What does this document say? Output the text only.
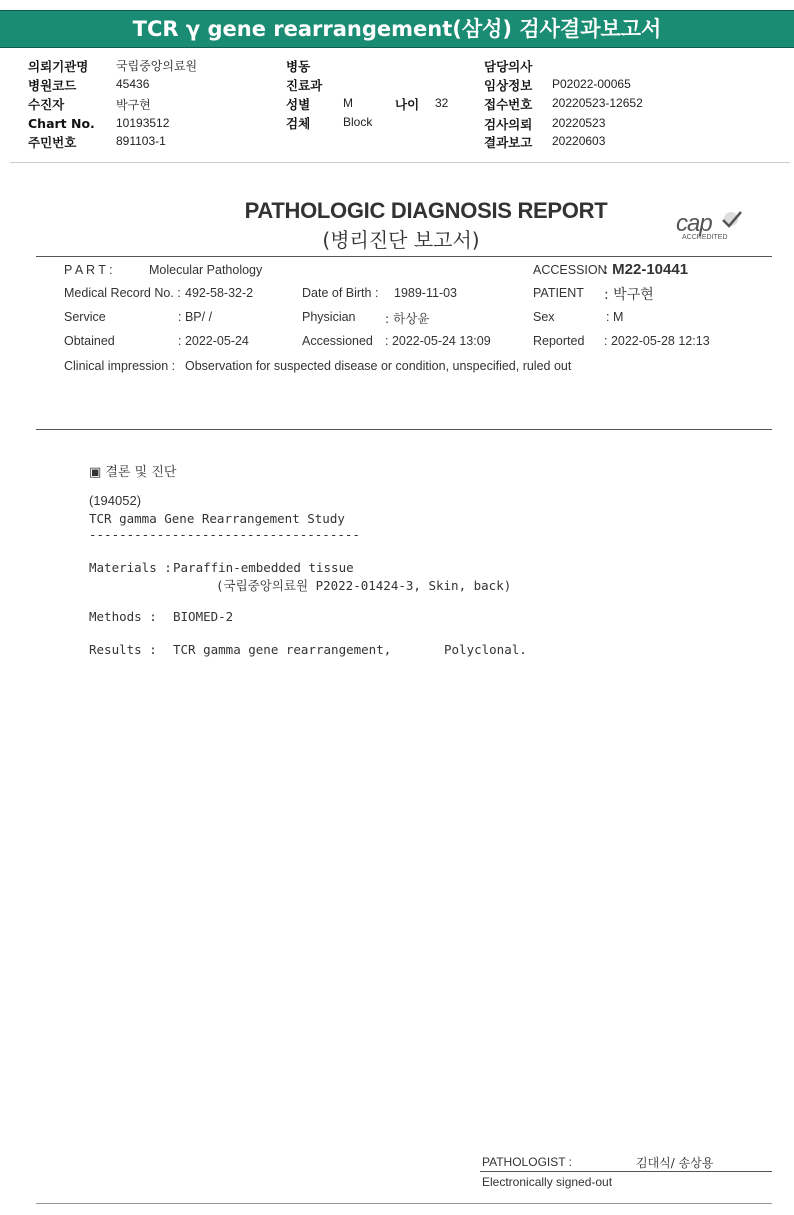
TCR γ gene rearrangement(삼성) 검사결과보고서
의뢰기관명 국립중앙의료원
병원코드	45436
수진자	박구현
Chart No. 10193512
주민번호	891103-1
병동
진료과
성별	M	나이 32
검체	Block
담당의사
임상정보 P02022-00065
접수번호 20220523-12652
검사의뢰 20220523
결과보고 20220603
PATHOLOGIC DIAGNOSIS REPORT
(병리진단 보고서)
cap
ACCREDITED
P A R T :	Molecular Pathology	ACCESSION
: M22-10441
Medical Record No. : 492-58-32-2	Date of Birth : 1989-11-03	PATIENT : 박구현
Service	: BP/ /	Physician : 하상윤	Sex	: M
Obtained	: 2022-05-24	Accessioned : 2022-05-24 13:09	Reported : 2022-05-28 12:13
Clinical impression : Observation for suspected disease or condition, unspecified, ruled out
▣ 결론 및 진단
(194052)
TCR gamma Gene Rearrangement Study
------------------------------------
Materials : Paraffin-embedded tissue
(국립중앙의료원 P2022-01424-3, Skin, back)
Methods : BIOMED-2
Results : TCR gamma gene rearrangement,	Polyclonal.
PATHOLOGIST :	김대식/ 송상용
Electronically signed-out
